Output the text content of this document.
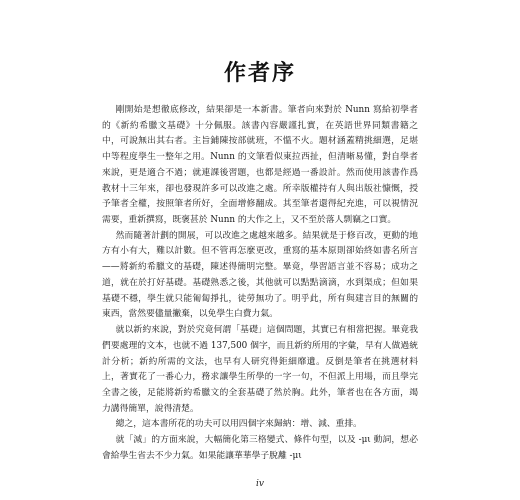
作者序

剛開始是想徹底修改，結果卻是一本新書。筆者向來對於 Nunn 寫給初學者的《新約希臘文基礎》十分佩服。該書內容嚴謹扎實，在英語世界同類書籍之中，可說無出其右者。主旨鋪陳按部就班，不慍不火。題材涵蓋精挑細選，足堪中等程度學生一整年之用。Nunn 的文筆看似東拉西扯，但清晰易懂，對自學者來說，更是適合不過；就連課後習題，也都是經過一番設計。然而使用該書作爲教材十三年來，卻也發現許多可以改進之處。所幸版權持有人與出版社慷慨，授予筆者全權，按照筆者所好，全面增修翻成。其至筆者還得紀充進，可以視情況需要，重新撰寫，既褒甚於 Nunn 的大作之上，又不至於落人剽竊之口實。

然而隨著計劃的開展，可以改進之處越來越多。結果就是于修百改，更動的地方有小有大，難以計數。但不管再怎麼更改，重寫的基本原則卻始終如書名所言——將新約希臘文的基礎，陳述得簡明完整。畢竟，學習語言並不容易；成功之道，就在於打好基礎。基礎熟悉之後，其他就可以點點滴滴，水到渠成；但如果基礎不穩，學生就只能匍匐掙扎，徒勞無功了。明乎此，所有與建言目的無關的東西，當然要儘量撇棄，以免學生白費力氣。

就以新約來說，對於究竟何謂「基礎」這個問題，其實已有相當把握。畢竟我們要處理的文本，也就不過 137,500 個字，而且新約所用的字彙，早有人做過統計分析；新約所需的文法，也早有人研究得鉅細靡遺。反倒是筆者在挑選材料上，著實花了一番心力，務求讓學生所學的一字一句，不但派上用場，而且學完全書之後，足能將新約希臘文的全套基礎了然於胸。此外，筆者也在各方面，竭力講得簡單，說得清楚。

總之，這本書所花的功夫可以用四個字來歸納：增、減、重排。

就「減」的方面來說，大幅簡化第三格變式、條件句型，以及 -μι 動詞，想必會給學生省去不少力氣。如果能讓華華學子脫離 -μι

iv
